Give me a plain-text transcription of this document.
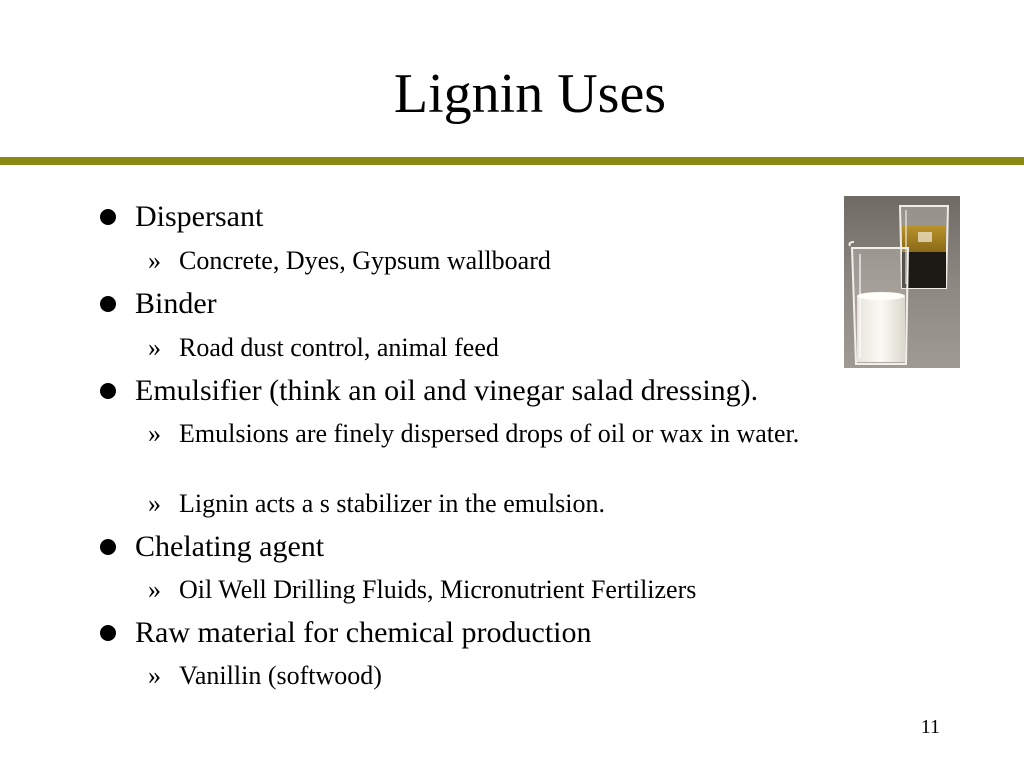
Lignin Uses
Dispersant
» Concrete, Dyes, Gypsum wallboard
Binder
» Road dust control, animal feed
Emulsifier (think an oil and vinegar salad dressing).
» Emulsions are finely dispersed drops of oil or wax in water.
» Lignin acts a s stabilizer in the emulsion.
Chelating agent
» Oil Well Drilling Fluids, Micronutrient Fertilizers
Raw material for chemical production
» Vanillin (softwood)
11
